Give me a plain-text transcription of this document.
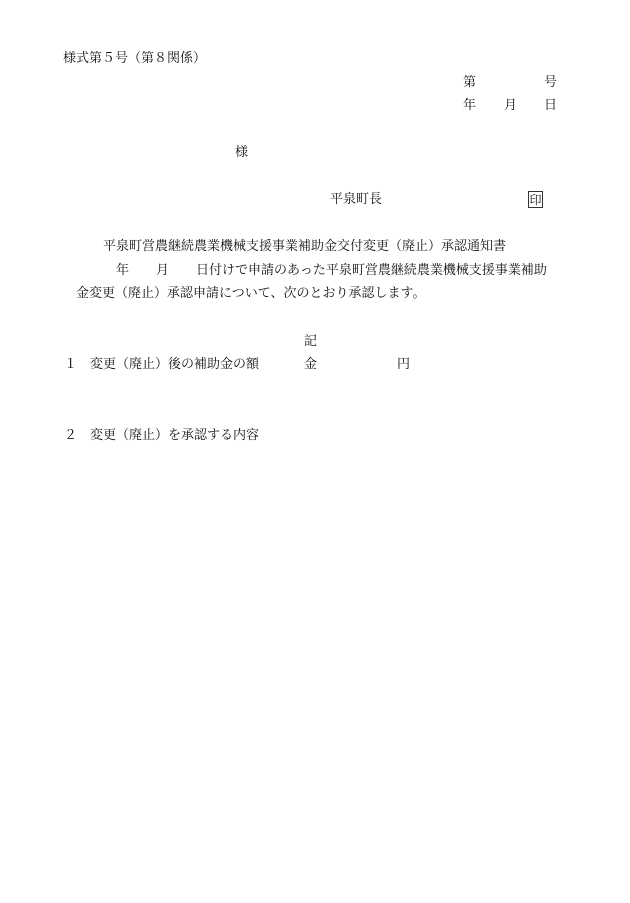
様式第５号（第８関係）
第	号
年 月 日
様
平泉町長	印
平泉町営農継続農業機械支援事業補助金交付変更（廃止）承認通知書
年 月 日付けで申請のあった平泉町営農継続農業機械支援事業補助
金変更（廃止）承認申請について、次のとおり承認します。
記
１ 変更（廃止）後の補助金の額	金	円
２ 変更（廃止）を承認する内容
